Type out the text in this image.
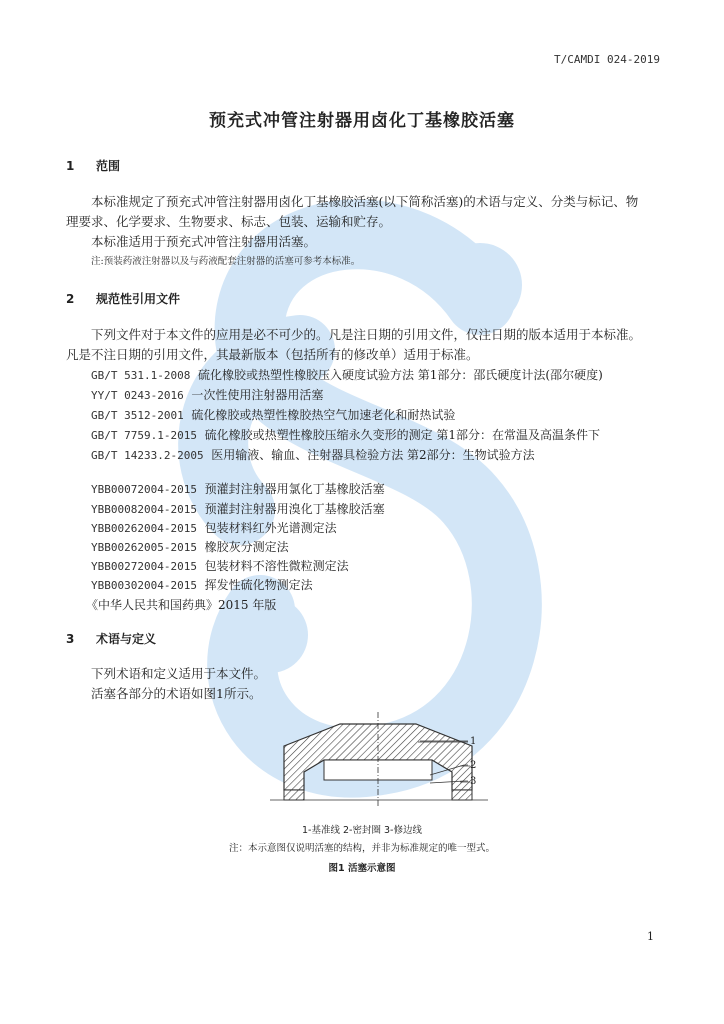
T/CAMDI 024-2019
预充式冲管注射器用卤化丁基橡胶活塞
1 范围
本标准规定了预充式冲管注射器用卤化丁基橡胶活塞(以下简称活塞)的术语与定义、分类与标记、物
理要求、化学要求、生物要求、标志、包装、运输和贮存。
本标准适用于预充式冲管注射器用活塞。
注:预装药液注射器以及与药液配套注射器的活塞可参考本标准。
2 规范性引用文件
下列文件对于本文件的应用是必不可少的。凡是注日期的引用文件，仅注日期的版本适用于本标准。
凡是不注日期的引用文件，其最新版本（包括所有的修改单）适用于标准。
GB/T 531.1-2008 硫化橡胶或热塑性橡胶压入硬度试验方法 第1部分：邵氏硬度计法(邵尔硬度)
YY/T 0243-2016 一次性使用注射器用活塞
GB/T 3512-2001 硫化橡胶或热塑性橡胶热空气加速老化和耐热试验
GB/T 7759.1-2015 硫化橡胶或热塑性橡胶压缩永久变形的测定 第1部分：在常温及高温条件下
GB/T 14233.2-2005 医用输液、输血、注射器具检验方法 第2部分：生物试验方法
YBB00072004-2015 预灌封注射器用氯化丁基橡胶活塞
YBB00082004-2015 预灌封注射器用溴化丁基橡胶活塞
YBB00262004-2015 包装材料红外光谱测定法
YBB00262005-2015 橡胶灰分测定法
YBB00272004-2015 包装材料不溶性微粒测定法
YBB00302004-2015 挥发性硫化物测定法
《中华人民共和国药典》2015 年版
3 术语与定义
下列术语和定义适用于本文件。
活塞各部分的术语如图1所示。
1
2
3
1-基准线 2-密封圈 3-修边线
注：本示意图仅说明活塞的结构，并非为标准规定的唯一型式。
图1 活塞示意图
1
